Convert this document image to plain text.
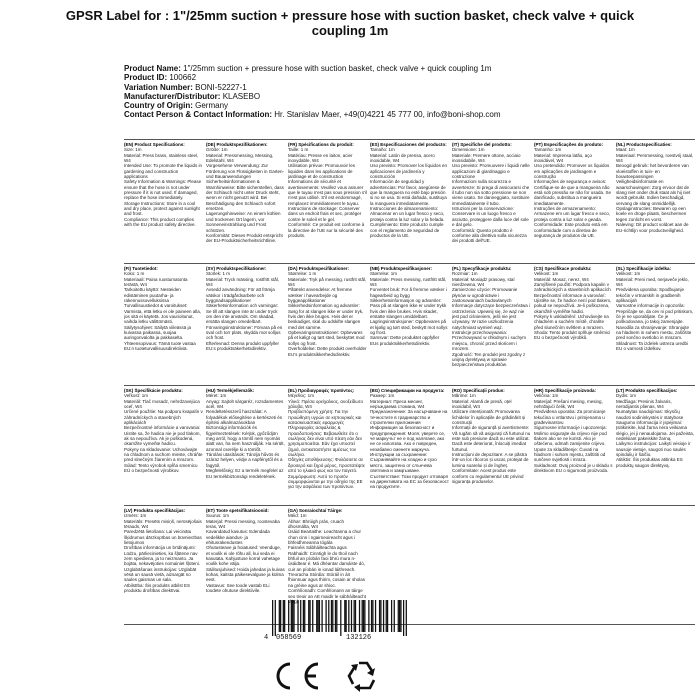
GPSR Label for : 1"/25mm suction + pressure hose with suction basket, check valve + quick coupling 1m
Product Name: 1"/25mm suction + pressure hose with suction basket, check valve + quick coupling 1m
Product ID: 100662
Variation Number: BONI-52227-1
Manufacturer/Distributor: KLASEBO
Country of Origin: Germany
Contact Person & Contact Information: Hr. Stanislav Maer, +49(0)4221 45 777 00, info@boni-shop.com
(EN) Product Specifications:
Size: 1m
Material: Press brass, stainless steel, W4
Intended Use: To promote the liquids in gardening and construction applications
Safety Information & Warnings: Please ensure that the hose is not under pressure if it is not used. If damaged, replace the hose immediately.
Storage Instructions: Store in a cool and dry place, protect against sunlight and frost.
Compliance: This product complies with the EU product safety directive.
(DE) Produktspezifikationen:
Größe: 1m
Material: Pressmessing, Messing, Edelstahl, W4
Vorgesehene Verwendung: Zur Förderung von Flüssigkeiten in Garten- und Bauanwendungen
Sicherheitsinformationen & Warnhinweise: Bitte sicherstellen, dass der Schlauch nicht unter Druck steht, wenn er nicht genutzt wird. Bei Beschädigung den Schlauch sofort ersetzen.
Lagerungshinweise: An einem kühlen und trockenen Ort lagern, vor Sonneneinstrahlung und Frost schützen.
Konformität: Dieses Produkt entspricht der EU-Produktsicherheitsrichtlinie.
(FR) Spécifications du produit:
Taille: 1 m
Matériau: Presse en laiton, acier inoxydable, W4
Utilisation prévue: Promouvoir les liquides dans les applications de jardinage et de construction
Informations de sécurité et avertissements: Veuillez vous assurer que le tuyau n'est pas sous pression s'il n'est pas utilisé. S'il est endommagé, remplacez immédiatement le tuyau.
Instructions de stockage: Conserver dans un endroit frais et sec, protéger contre le soleil et le gel.
Conformité: Ce produit est conforme à la directive de l'UE sur la sécurité des produits.
(ES) Especificaciones del producto:
Tamaño: 1m
Material: Latón de prensa, acero inoxidable, W4
Uso previsto: Promover los líquidos en aplicaciones de jardinería y construcción
Información de seguridad y advertencias: Por favor, asegúrese de que la manguera no esté bajo presión si no se usa. Si está dañada, sustituya la manguera inmediatamente.
Instrucciones de almacenamiento: Almacenar en un lugar fresco y seco, proteja contra la luz solar y la helada.
Cumplimiento: Este producto cumple con el reglamento de seguridad de productos de la UE.
(IT) Specifiche del prodotto:
Dimensione: 1m
Materiale: Premere ottone, acciaio inossidabile, W4
Uso previsto: Promuovere i liquidi nelle applicazioni di giardinaggio e costruzione
Informazioni sulla sicurezza e avvertenze: Si prega di assicurarsi che il tubo non sia sotto pressione se non viene usato. Se danneggiato, sostituire immediatamente il tubo.
Istruzioni per la conservazione: Conservare in un luogo fresco e asciutto, proteggere dalla luce del sole e dal gelo.
Conformità: Questo prodotto è conforme alla direttiva sulla sicurezza dei prodotti dell'UE.
(PT) Especificações do produto:
Tamanho: 1m
Material: Imprensa latão, aço inoxidável, W4
Uso pretendido: Promover os líquidos em aplicações de jardinagem e construção
Informações de segurança e avisos: Certifique-se de que a mangueira não está sob pressão se não for usada. Se danificado, substitua a mangueira imediatamente.
Instruções de armazenamento: Armazene em um lugar fresco e seco, proteja contra a luz solar e geada.
Conformidade: Este produto está em conformidade com a diretiva de segurança de produtos da UE.
(NL) Productspecificaties:
Maat: 1m
Materiaal: Persmessing, roestvrij staal, W4
Beoogd gebruik: het bevorderen van vloeistoffen in tuin- en bouwtoepassingen
Veiligheidsinformatie en waarschuwingen: Zorg ervoor dat de slang niet onder druk staat als hij niet wordt gebruikt. Indien beschadigd, vervang de slang onmiddellijk.
Opslaginstructies: Bewaren op een koele en droge plaats, beschermen tegen zonlicht en vorst.
Naleving: Dit product voldoet aan de EU-richtlijn voor productveiligheid.
(FI) Tuotetiedot:
Koko: 1 m
Materiaali: Paina ruostumatonta terästä, W4
Tarkoitettu käyttö: Nesteiden edistäminen puutarha- ja rakennussovelluksissa
Turvallisuustiedot & varoitukset: Varmista, että letku ei ole paineen alla, jos sitä ei käytetä. Jos vaurioitunut, vaihda letku välittömästi.
Säilytysohjeet: Säilytä viileässä ja kuivassa paikassa, suojaa auringonvalolta ja pakkaselta.
Yhteensopivuus: Tämä tuote vastaa EU:n tuoteturvallisuusdirektiiviä.
(SV) Produktspecifikationer:
Storlek: 1 m
Material: Tryck mässing, rostfritt stål, W4
Avsedd användning: För att främja vätskor i trädgårdsarbete och byggnadsapplikationer
Säkerhetsinformation och varningar: Se till att slangen inte är under tryck om den inte används. Om skadad, ersätta slangen omedelbart.
Förvaringsinstruktioner: Förvara på en sval och torr plats, skydda mot solljus och frost.
Efterlevnad: Denna produkt uppfyller EU:s produktsäkerhetsdirektiv.
(DA) Produktspecifikationer:
Størrelse: 1 m
Materiale: Tryk på messing, rustfrit stål, W4
Påtænkt anvendelse: At fremme væsker i havearbejde og byggeapplikationer
Sikkerhedsinformation og advarsler: Sørg for at slangen ikke er under tryk, hvis den ikke bruges. Hvis det er beskadiget, skal du udskifte slangen med det samme.
Opbevaringsinstruktioner: Opbevares på et køligt og tørt sted, beskyttet mod sollys og frost.
Overholdelse: Dette produkt overholder EU's produktsikkerhedsdirektiv.
(NB) Produktspesifikasjoner:
Størrelse: 1m
Materiale: Press messing, rustfritt stål, W4
Forventet bruk: For å fremme væsker i hagearbeid og bygg
Sikkerhetsinformasjon og advarsler: Pass på at slangen ikke er under trykk hvis den ikke brukes. Hvis skadet, erstatte slangen umiddelbart.
Lagringsinstruksjoner: Oppbevares på et kjølig og tørt sted, beskytt mot sollys og frost.
Samsvar: Dette produktet oppfyller EUs produktsikkerhetsdirektiv.
(PL) Specyfikacje produktu:
Rozmiar: 1m
Materiał: Mosiądz prasowy, stal nierdzewna, W4
Zamierzone użycie: Promowanie płynów w ogrodnictwie i zastosowaniach budowlanych
Informacje dotyczące bezpieczeństwa i ostrzeżenia: Upewnij się, że wąż nie jest pod ciśnieniem, jeśli nie jest używany. W razie uszkodzenia natychmiast wymień wąż.
Instrukcje przechowywania: Przechowywać w chłodnym i suchym miejscu, chronić przed słońcem i mrozem.
Zgodność: Ten produkt jest zgodny z unijną dyrektywą w sprawie bezpieczeństwa produktów.
(CS) Specifikace produktu:
Velikost: 1m
Materiál: Mosaz, nerez, W4
Zamýšlené použití: Podpora kapalin v zahradnických a stavebních aplikacích
Bezpečnostní informace a varování: Ujistěte se, že hadice není pod tlakem, pokud se nepoužívá. Je-li poškozena, okamžitě vyměňte hadici.
Pokyny k uskladnění: Uchovávejte na chladném a suchém místě, chraňte před slunečním světlem a mrazem.
Shoda: Tento produkt splňuje směrnici EU o bezpečnosti výrobků.
(SL) Specifikacije izdelka:
Velikost: 1m
Material: Preni med, nerjaveče jeklo, W4
Predvidena uporaba: Spodbujanje tekočin v vrtnarskih in gradbenih aplikacijah
Varnostne informacije in opozorila: Prepričajte se, da cev ni pod pritiskom, če je ne uporabljate. Če je poškodovana, jo takoj zamenjajte.
Navodila za shranjevanje: Shranjujte na hladnem in suhem mestu, zaščitite pred sončno svetlobo in mrazom.
Skladnost: Ta izdelek ustreza uredbi EU o varnosti izdelkov.
(SK) Špecifikácie produktu:
Veľkosť: 1m
Materiál: Tlač mosadz, nehrdzavejúca oceľ, W4
Určené použitie: Na podporu kvapalín v záhradníckych a stavebných aplikáciách
Bezpečnostné informácie a varovania: Uistite sa, že hadica nie je pod tlakom, ak sa nepoužíva. Ak je poškodená, okamžite vymeňte hadicu.
Pokyny na skladovanie: Uchovávajte na chladnom a suchom mieste, chráňte pred slnečným žiarením a mrazom.
Súlad: Tento výrobok spĺňa smernicu EÚ o bezpečnosti výrobkov.
(HU) Termékjellemzők:
Méret: 1m
Anyag: Sajtolt sárgaréz, rozsdamentes acél, W4
Rendeltetésszerű használat: A folyadékok elősegítése a kertészeti és építési alkalmazásokban
Biztonsági információk és figyelmeztetések: Kérjük, győződjön meg arról, hogy a tömlő nem nyomás alatt van, ha nem használják. Ha sérült, azonnal cserélje ki a tömlőt.
Tárolási utasítások: Tárolja hűvös és száraz helyen, védje a napfénytől és a fagytól.
Megfelelőség: Ez a termék megfelel az EU termékbiztonsági rendeletének.
(EL) Προδιαγραφές προϊόντος:
Μέγεθος: 1m
Υλικό: Πρέσα ορείχαλκος, ανοξείδωτο χάλυβα, W4
Προβλεπόμενη χρήση: Για την προώθηση υγρών σε κηπουρικές και κατασκευαστικές εφαρμογές
Πληροφορίες ασφαλείας & προειδοποιήσεις: Βεβαιωθείτε ότι ο σωλήνας δεν είναι υπό πίεση εάν δεν χρησιμοποιείται. Εάν έχει υποστεί ζημιά, αντικαταστήστε αμέσως τον σωλήνα.
Οδηγίες αποθήκευσης: Φυλάσσετε σε δροσερό και ξηρό μέρος, προστατέψτε από το ηλιακό φως και τον παγετό.
Συμμόρφωση: Αυτό το προϊόν συμμορφώνεται με την οδηγία της ΕΕ για την ασφάλεια των προϊόντων.
(BG) Спецификации на продукта:
Размер: 1m
Материал: Преса месинг, неръждаема стомана, W4
Предназначение: За насърчаване на течностите в градинарство и строителни приложения
Информация за безопасност и предупреждения: Моля, уверете се, че маркучът не е под налягане, ако не се използва. Ако е повреден, незабавно сменете маркуча.
Инструкции за съхранение: Съхранявайте на хладно и сухо място, защитено от слънчева светлина и замръзване.
Съответствие: Този продукт отговаря на директивата на ЕС за безопасност на продуктите.
(RO) Specificații produs:
Mărime: 1m
Material: Alamă de presă, oțel inoxidabil, W4
Utilizare intenționată: Promovarea lichidelor în aplicațiile de grădinărit și construcții
Informații de siguranță și avertismente: Vă rugăm să vă asigurați că furtunul nu este sub presiune dacă nu este utilizat. Dacă este deteriorat, înlocuiți imediat furtunul.
Instrucțiuni de depozitare: A se păstra într-un loc răcoros și uscat, protejat de lumina soarelui și de îngheț.
Conformitate: Acest produs este conform cu regulamentul UE privind siguranța produselor.
(HR) Specifikacije proizvoda:
Veličina: 1m
Materijal: Prešani mesing, mesing, nehrđajući čelik, W4
Predviđena uporaba: Za promicanje tekućina u vrtlarstvu i primjenama u građevinarstvu
Sigurnosne informacije i upozorenja: Molimo osigurajte da crijevo nije pod tlakom ako se ne koristi. Ako je oštećeno, odmah zamijenite crijevo.
Upute za skladištenje: Čuvati na hladnom i suhom mjestu, zaštititi od sunčeve svjetlosti i mraza.
Sukladnost: Ovaj proizvod je u skladu s direktivom EU o sigurnosti proizvoda.
(LT) Produkto specifikacijos:
Dydis: 1m
Medžiaga: Presinis žalvaris, nerūdijantis plienas, W4
Numatytas naudojimas: Skysčių naudoti sodininkystės ir statybose
Saugumo informacija ir įspėjimai: Įsitikinkite, kad žarna nėra veikiama slėgio, jei ji nenaudojama. Jei pažeista, nedelsiant pakeiskite žarną.
Laikymo instrukcijos: Laikyti vėsioje ir sausoje vietoje, saugoti nuo saulės spindulių ir šalčio.
Atitiktis: Šis produktas atitinka ES produktų saugos direktyvą.
(LV) Produkta specifikācijas:
Izmērs: 1m
Materiāls: Presēts misiņš, nerūsējošais tērauds, W4
Paredzētā lietošana: Lai veicinātu šķidrumus dārzkopības un būvniecības lietojumos
Drošības informācija un brīdinājumi: Lūdzu, pārliecinieties, ka šļūtene nav zem spiediena, ja to neizmanto. Ja bojāta, nekavējoties nomainiet šļūteni.
Uzglabāšanas instrukcijas: Uzglabāt vēsā un sausā vietā, aizsargāt no saules gaismas un sala.
Atbilstība: Šis produkts atbilst ES produktu drošības direktīvai.
(ET) Toote spetsifikatsioonid:
Suurus: 1m
Materjal: Pressi messing, roostevaba teras, W4
Kavandatud kasutus: Edendada vedelikke aiandus- ja ehitusrakendustes
Ohutusteave ja hoiatused: Veenduge, et voolik ei ole rõhu all, kui seda ei kasutata. Kahjustuse korral vahetage voolik kohe välja.
Säilitusjuhised: Hoida jahedas ja kuivas kohas, kaitsta päikesevalguse ja külma eest.
Vastavus: See toode vastab ELi toodete ohutuse direktiivile.
(GA) Sonraíochtaí Táirge:
Méid: 1m
Ábhar: Bhrúigh prás, cruach dhosmálta, W4
Úsáid Beartaithe: Leachtanna a chur chun cinn i ngairneoireacht agus i bhfeidhmeanna tógála
Faisnéis Sábháilteachta agus Rabhaidh: Cinntigh le do thoil nach bhfuil an píobán faoi bhrú mura n-úsáidtear é. Má dhéantar damáiste dó, cuir an píobán in ionad láithreach.
Treoracha Stórála: Stóráil in áit fhionnuar agus thirim, cosain ar sholas na gréine agus ar shioc.
Comhlíonadh: Comhlíonann an táirge seo treoir an AE maidir le sábháilteacht
4 058569	132126
